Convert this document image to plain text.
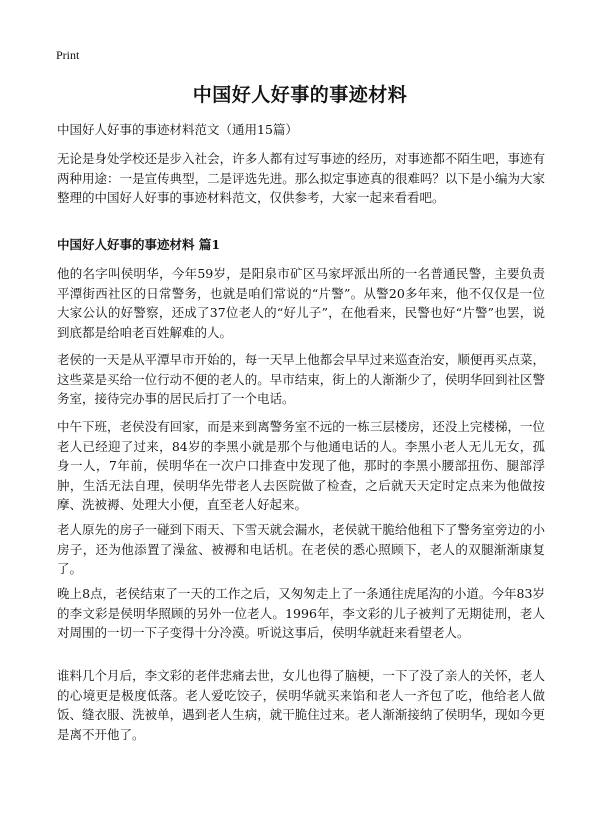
Print
中国好人好事的事迹材料
中国好人好事的事迹材料范文（通用15篇）

无论是身处学校还是步入社会，许多人都有过写事迹的经历，对事迹都不陌生吧，事迹有两种用途：一是宣传典型，二是评选先进。那么拟定事迹真的很难吗？以下是小编为大家整理的中国好人好事的事迹材料范文，仅供参考，大家一起来看看吧。

中国好人好事的事迹材料 篇1

他的名字叫侯明华，今年59岁，是阳泉市矿区马家坪派出所的一名普通民警，主要负责平潭街西社区的日常警务，也就是咱们常说的“片警”。从警20多年来，他不仅仅是一位大家公认的好警察，还成了37位老人的“好儿子”，在他看来，民警也好“片警”也罢，说到底都是给咱老百姓解难的人。

老侯的一天是从平潭早市开始的，每一天早上他都会早早过来巡查治安，顺便再买点菜，这些菜是买给一位行动不便的老人的。早市结束，街上的人渐渐少了，侯明华回到社区警务室，接待完办事的居民后打了一个电话。

中午下班，老侯没有回家，而是来到离警务室不远的一栋三层楼房，还没上完楼梯，一位老人已经迎了过来，84岁的李黑小就是那个与他通电话的人。李黑小老人无儿无女，孤身一人，7年前，侯明华在一次户口排查中发现了他，那时的李黑小腰部扭伤、腿部浮肿，生活无法自理，侯明华先带老人去医院做了检查，之后就天天定时定点来为他做按摩、洗被褥、处理大小便，直至老人好起来。

老人原先的房子一碰到下雨天、下雪天就会漏水，老侯就干脆给他租下了警务室旁边的小房子，还为他添置了澡盆、被褥和电话机。在老侯的悉心照顾下，老人的双腿渐渐康复了。

晚上8点，老侯结束了一天的工作之后，又匆匆走上了一条通往虎尾沟的小道。今年83岁的李文彩是侯明华照顾的另外一位老人。1996年，李文彩的儿子被判了无期徒刑，老人对周围的一切一下子变得十分冷漠。听说这事后，侯明华就赶来看望老人。

谁料几个月后，李文彩的老伴悲痛去世，女儿也得了脑梗，一下了没了亲人的关怀，老人的心境更是极度低落。老人爱吃饺子，侯明华就买来馅和老人一齐包了吃，他给老人做饭、缝衣服、洗被单，遇到老人生病，就干脆住过来。老人渐渐接纳了侯明华，现如今更是离不开他了。
